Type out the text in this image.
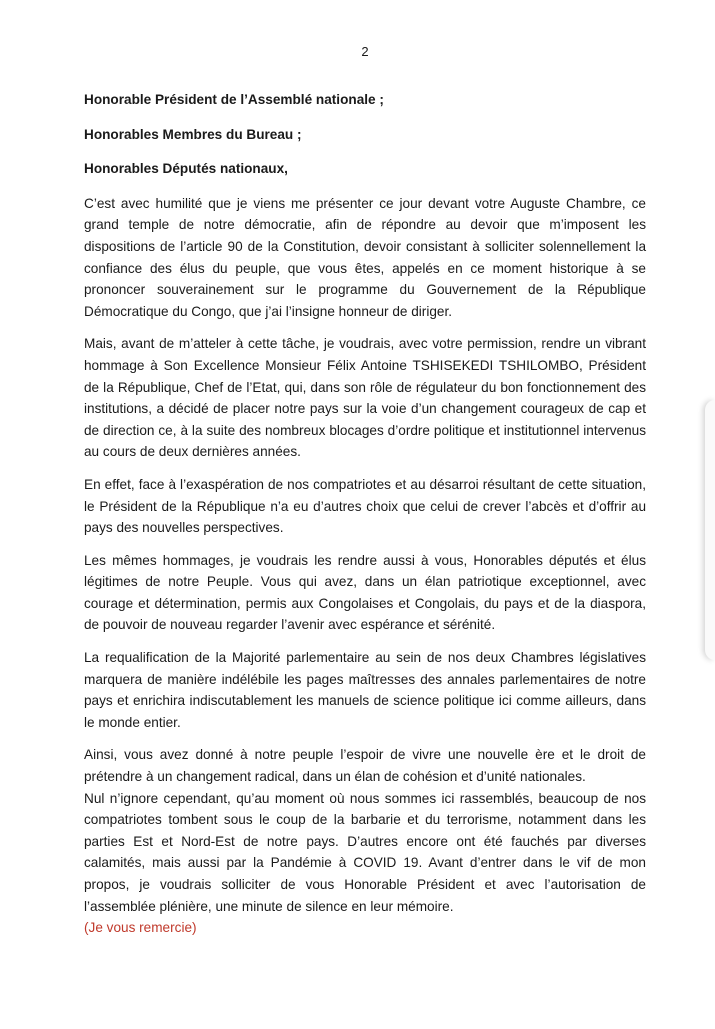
2

Honorable Président de l’Assemblé nationale ;

Honorables Membres du Bureau ;

Honorables Députés nationaux,

C’est avec humilité que je viens me présenter ce jour devant votre Auguste Chambre, ce grand temple de notre démocratie, afin de répondre au devoir que m’imposent les dispositions de l’article 90 de la Constitution, devoir consistant à solliciter solennellement la confiance des élus du peuple, que vous êtes, appelés en ce moment historique à se prononcer souverainement sur le programme du Gouvernement de la République Démocratique du Congo, que j’ai l’insigne honneur de diriger.

Mais, avant de m’atteler à cette tâche, je voudrais, avec votre permission, rendre un vibrant hommage à Son Excellence Monsieur Félix Antoine TSHISEKEDI TSHILOMBO, Président de la République, Chef de l’Etat, qui, dans son rôle de régulateur du bon fonctionnement des institutions, a décidé de placer notre pays sur la voie d’un changement courageux de cap et de direction ce, à la suite des nombreux blocages d’ordre politique et institutionnel intervenus au cours de deux dernières années.

En effet, face à l’exaspération de nos compatriotes et au désarroi résultant de cette situation, le Président de la République n’a eu d’autres choix que celui de crever l’abcès et d’offrir au pays des nouvelles perspectives.

Les mêmes hommages, je voudrais les rendre aussi à vous, Honorables députés et élus légitimes de notre Peuple. Vous qui avez, dans un élan patriotique exceptionnel, avec courage et détermination, permis aux Congolaises et Congolais, du pays et de la diaspora, de pouvoir de nouveau regarder l’avenir avec espérance et sérénité.

La requalification de la Majorité parlementaire au sein de nos deux Chambres législatives marquera de manière indélébile les pages maîtresses des annales parlementaires de notre pays et enrichira indiscutablement les manuels de science politique ici comme ailleurs, dans le monde entier.

Ainsi, vous avez donné à notre peuple l’espoir de vivre une nouvelle ère et le droit de prétendre à un changement radical, dans un élan de cohésion et d’unité nationales.

Nul n’ignore cependant, qu’au moment où nous sommes ici rassemblés, beaucoup de nos compatriotes tombent sous le coup de la barbarie et du terrorisme, notamment dans les parties Est et Nord-Est de notre pays. D’autres encore ont été fauchés par diverses calamités, mais aussi par la Pandémie à COVID 19. Avant d’entrer dans le vif de mon propos, je voudrais solliciter de vous Honorable Président et avec l’autorisation de l’assemblée plénière, une minute de silence en leur mémoire.

(Je vous remercie)
